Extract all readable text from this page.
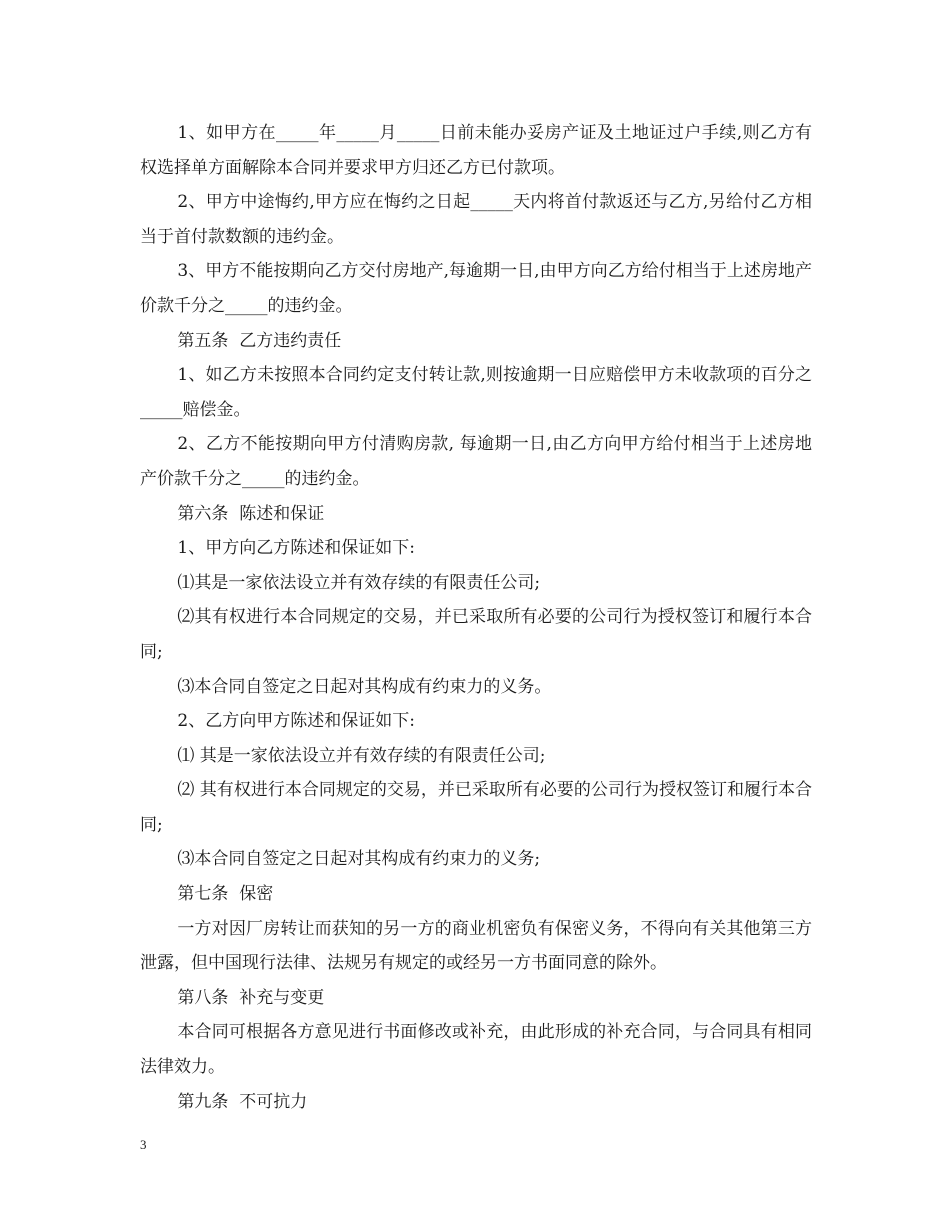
1、如甲方在_____年_____月_____日前未能办妥房产证及土地证过户手续,则乙方有权选择单方面解除本合同并要求甲方归还乙方已付款项。

2、甲方中途悔约,甲方应在悔约之日起_____天内将首付款返还与乙方,另给付乙方相当于首付款数额的违约金。

3、甲方不能按期向乙方交付房地产,每逾期一日,由甲方向乙方给付相当于上述房地产价款千分之_____的违约金。

第五条  乙方违约责任

1、如乙方未按照本合同约定支付转让款,则按逾期一日应赔偿甲方未收款项的百分之_____赔偿金。

2、乙方不能按期向甲方付清购房款, 每逾期一日,由乙方向甲方给付相当于上述房地产价款千分之_____的违约金。

第六条  陈述和保证

1、甲方向乙方陈述和保证如下:

⑴其是一家依法设立并有效存续的有限责任公司;

⑵其有权进行本合同规定的交易，并已采取所有必要的公司行为授权签订和履行本合同;

⑶本合同自签定之日起对其构成有约束力的义务。

2、乙方向甲方陈述和保证如下:

⑴ 其是一家依法设立并有效存续的有限责任公司;

⑵ 其有权进行本合同规定的交易，并已采取所有必要的公司行为授权签订和履行本合同;

⑶本合同自签定之日起对其构成有约束力的义务;

第七条  保密

一方对因厂房转让而获知的另一方的商业机密负有保密义务，不得向有关其他第三方泄露，但中国现行法律、法规另有规定的或经另一方书面同意的除外。

第八条  补充与变更

本合同可根据各方意见进行书面修改或补充，由此形成的补充合同，与合同具有相同法律效力。

第九条  不可抗力

3
